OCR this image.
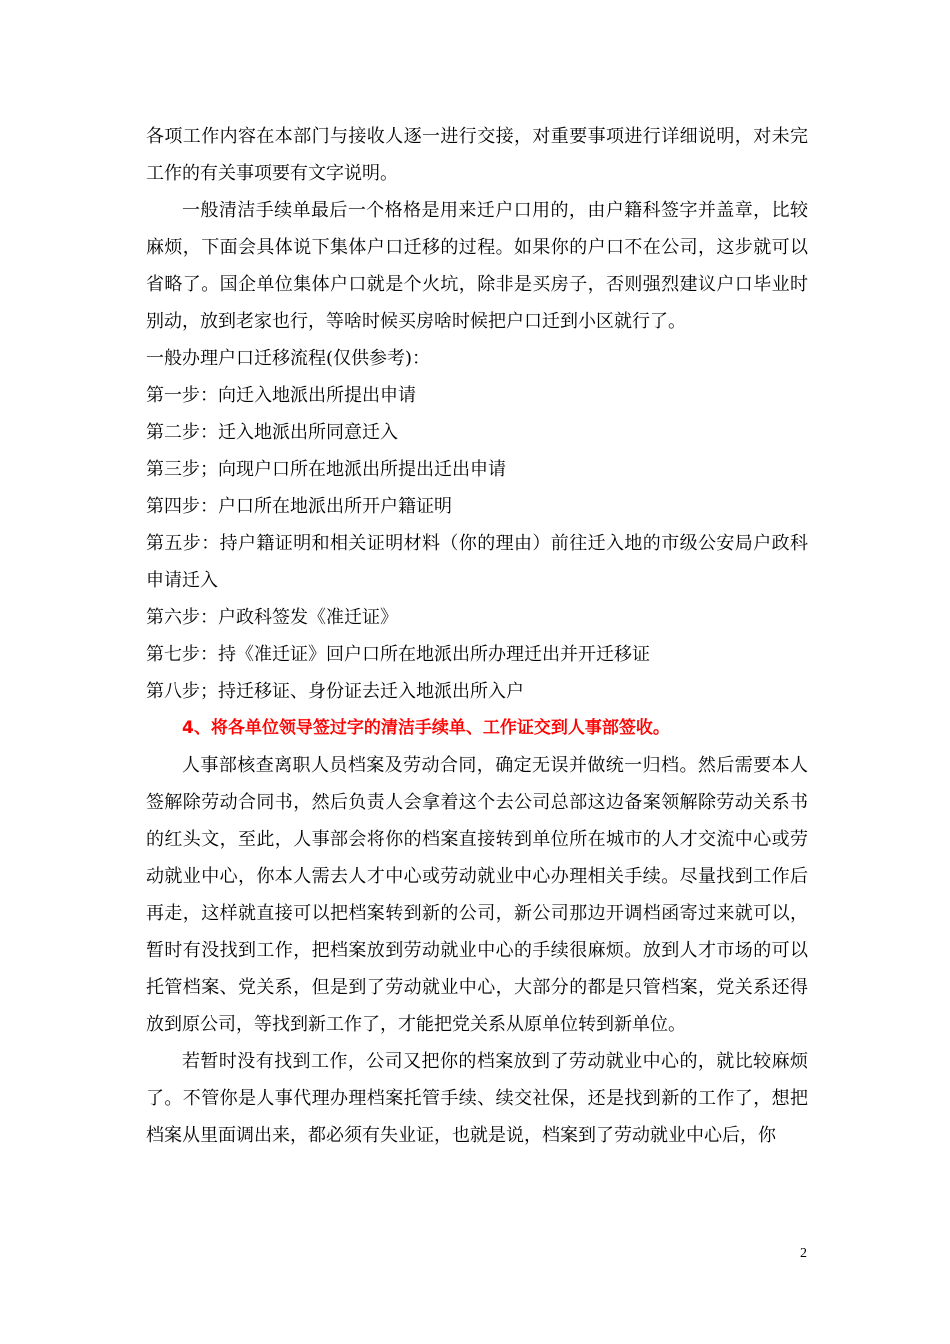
各项工作内容在本部门与接收人逐一进行交接，对重要事项进行详细说明，对未完工作的有关事项要有文字说明。

一般清洁手续单最后一个格格是用来迁户口用的，由户籍科签字并盖章，比较麻烦，下面会具体说下集体户口迁移的过程。如果你的户口不在公司，这步就可以省略了。国企单位集体户口就是个火坑，除非是买房子，否则强烈建议户口毕业时别动，放到老家也行，等啥时候买房啥时候把户口迁到小区就行了。

一般办理户口迁移流程(仅供参考)：

第一步：向迁入地派出所提出申请

第二步：迁入地派出所同意迁入

第三步；向现户口所在地派出所提出迁出申请

第四步：户口所在地派出所开户籍证明

第五步：持户籍证明和相关证明材料（你的理由）前往迁入地的市级公安局户政科申请迁入

第六步：户政科签发《准迁证》

第七步：持《准迁证》回户口所在地派出所办理迁出并开迁移证

第八步；持迁移证、身份证去迁入地派出所入户

4、将各单位领导签过字的清洁手续单、工作证交到人事部签收。

人事部核查离职人员档案及劳动合同，确定无误并做统一归档。然后需要本人签解除劳动合同书，然后负责人会拿着这个去公司总部这边备案领解除劳动关系书的红头文，至此，人事部会将你的档案直接转到单位所在城市的人才交流中心或劳动就业中心，你本人需去人才中心或劳动就业中心办理相关手续。尽量找到工作后再走，这样就直接可以把档案转到新的公司，新公司那边开调档函寄过来就可以，暂时有没找到工作，把档案放到劳动就业中心的手续很麻烦。放到人才市场的可以托管档案、党关系，但是到了劳动就业中心，大部分的都是只管档案，党关系还得放到原公司，等找到新工作了，才能把党关系从原单位转到新单位。

若暂时没有找到工作，公司又把你的档案放到了劳动就业中心的，就比较麻烦了。不管你是人事代理办理档案托管手续、续交社保，还是找到新的工作了，想把档案从里面调出来，都必须有失业证，也就是说，档案到了劳动就业中心后，你

2
